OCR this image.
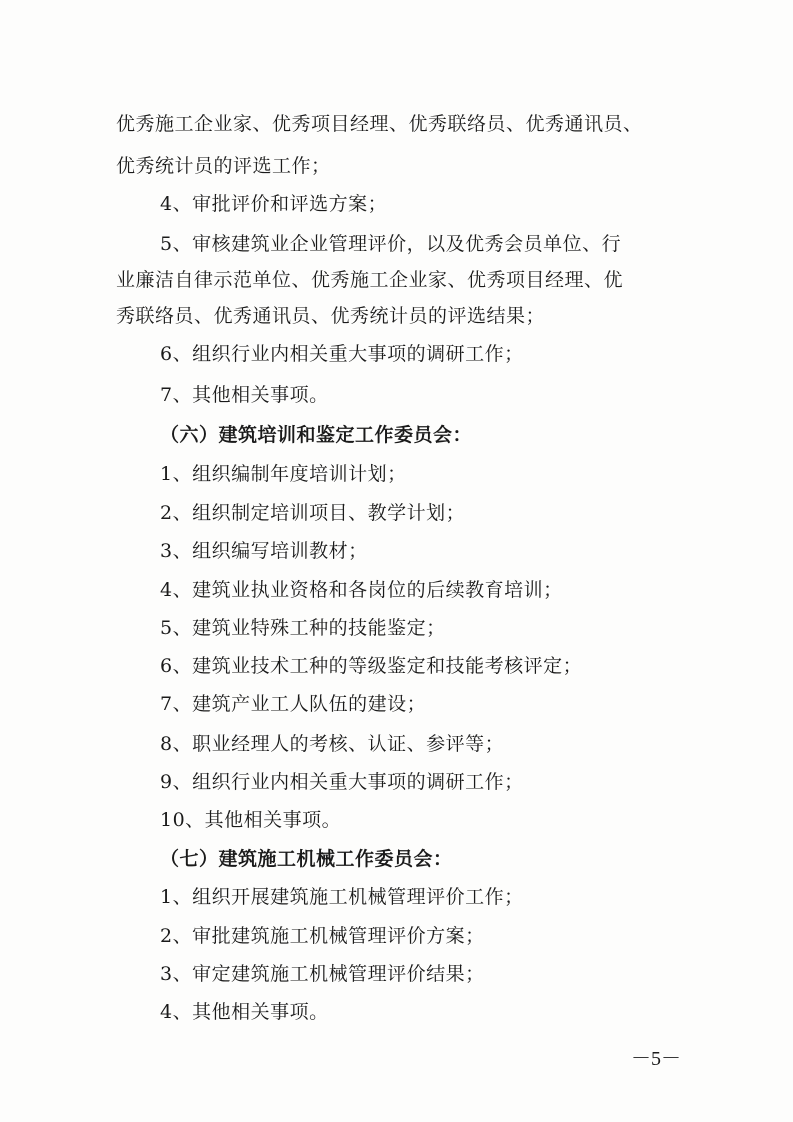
优秀施工企业家、优秀项目经理、优秀联络员、优秀通讯员、
优秀统计员的评选工作；
4、审批评价和评选方案；
5、审核建筑业企业管理评价，以及优秀会员单位、行
业廉洁自律示范单位、优秀施工企业家、优秀项目经理、优
秀联络员、优秀通讯员、优秀统计员的评选结果；
6、组织行业内相关重大事项的调研工作；
7、其他相关事项。
（六）建筑培训和鉴定工作委员会：
1、组织编制年度培训计划；
2、组织制定培训项目、教学计划；
3、组织编写培训教材；
4、建筑业执业资格和各岗位的后续教育培训；
5、建筑业特殊工种的技能鉴定；
6、建筑业技术工种的等级鉴定和技能考核评定；
7、建筑产业工人队伍的建设；
8、职业经理人的考核、认证、参评等；
9、组织行业内相关重大事项的调研工作；
10、其他相关事项。
（七）建筑施工机械工作委员会：
1、组织开展建筑施工机械管理评价工作；
2、审批建筑施工机械管理评价方案；
3、审定建筑施工机械管理评价结果；
4、其他相关事项。
－5－
